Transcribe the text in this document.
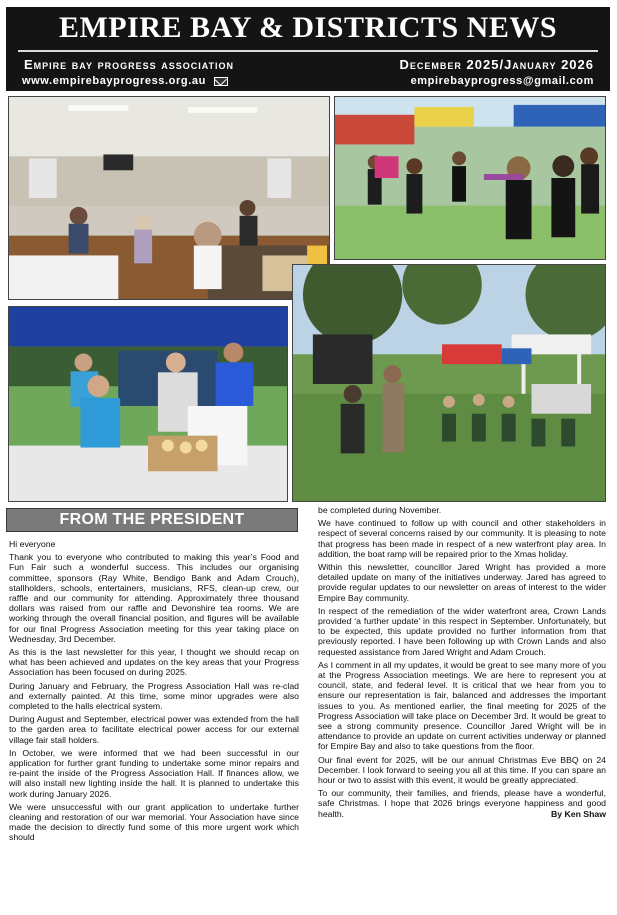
EMPIRE BAY & DISTRICTS NEWS
Empire bay progress association	December 2025/January 2026
www.empirebayprogress.org.au	empirebayprogress@gmail.com
FROM THE PRESIDENT

Hi everyone

Thank you to everyone who contributed to making this year’s Food and Fun Fair such a wonderful success. This includes our organising committee, sponsors (Ray White, Bendigo Bank and Adam Crouch), stallholders, schools, entertainers, musicians, RFS, clean-up crew, our raffle and our community for attending. Approximately three thousand dollars was raised from our raffle and Devonshire tea rooms. We are working through the overall financial position, and figures will be available for our final Progress Association meeting for this year taking place on Wednesday, 3rd December.

As this is the last newsletter for this year, I thought we should recap on what has been achieved and updates on the key areas that your Progress Association has been focused on during 2025.

During January and February, the Progress Association Hall was re-clad and externally painted. At this time, some minor upgrades were also completed to the halls electrical system.

During August and September, electrical power was extended from the hall to the garden area to facilitate electrical power access for our external village fair stall holders.

In October, we were informed that we had been successful in our application for further grant funding to undertake some minor repairs and re-paint the inside of the Progress Association Hall. If finances allow, we will also install new lighting inside the hall. It is planned to undertake this work during January 2026.

We were unsuccessful with our grant application to undertake further cleaning and restoration of our war memorial. Your Association have since made the decision to directly fund some of this more urgent work which should

be completed during November.

We have continued to follow up with council and other stakeholders in respect of several concerns raised by our community. It is pleasing to note that progress has been made in respect of a new waterfront play area. In addition, the boat ramp will be repaired prior to the Xmas holiday.

Within this newsletter, councillor Jared Wright has provided a more detailed update on many of the initiatives underway. Jared has agreed to provide regular updates to our newsletter on areas of interest to the wider Empire Bay community.

In respect of the remediation of the wider waterfront area, Crown Lands provided ‘a further update’ in this respect in September. Unfortunately, but to be expected, this update provided no further information from that previously reported. I have been following up with Crown Lands and also requested assistance from Jared Wright and Adam Crouch.

As I comment in all my updates, it would be great to see many more of you at the Progress Association meetings. We are here to represent you at council, state, and federal level. It is critical that we hear from you to ensure our representation is fair, balanced and addresses the important issues to you. As mentioned earlier, the final meeting for 2025 of the Progress Association will take place on December 3rd. It would be great to see a strong community presence. Councillor Jared Wright will be in attendance to provide an update on current activities underway or planned for Empire Bay and also to take questions from the floor.

Our final event for 2025, will be our annual Christmas Eve BBQ on 24 December. I look forward to seeing you all at this time. If you can spare an hour or two to assist with this event, it would be greatly appreciated.

To our community, their families, and friends, please have a wonderful, safe Christmas. I hope that 2026 brings everyone happiness and good health.	By Ken Shaw
